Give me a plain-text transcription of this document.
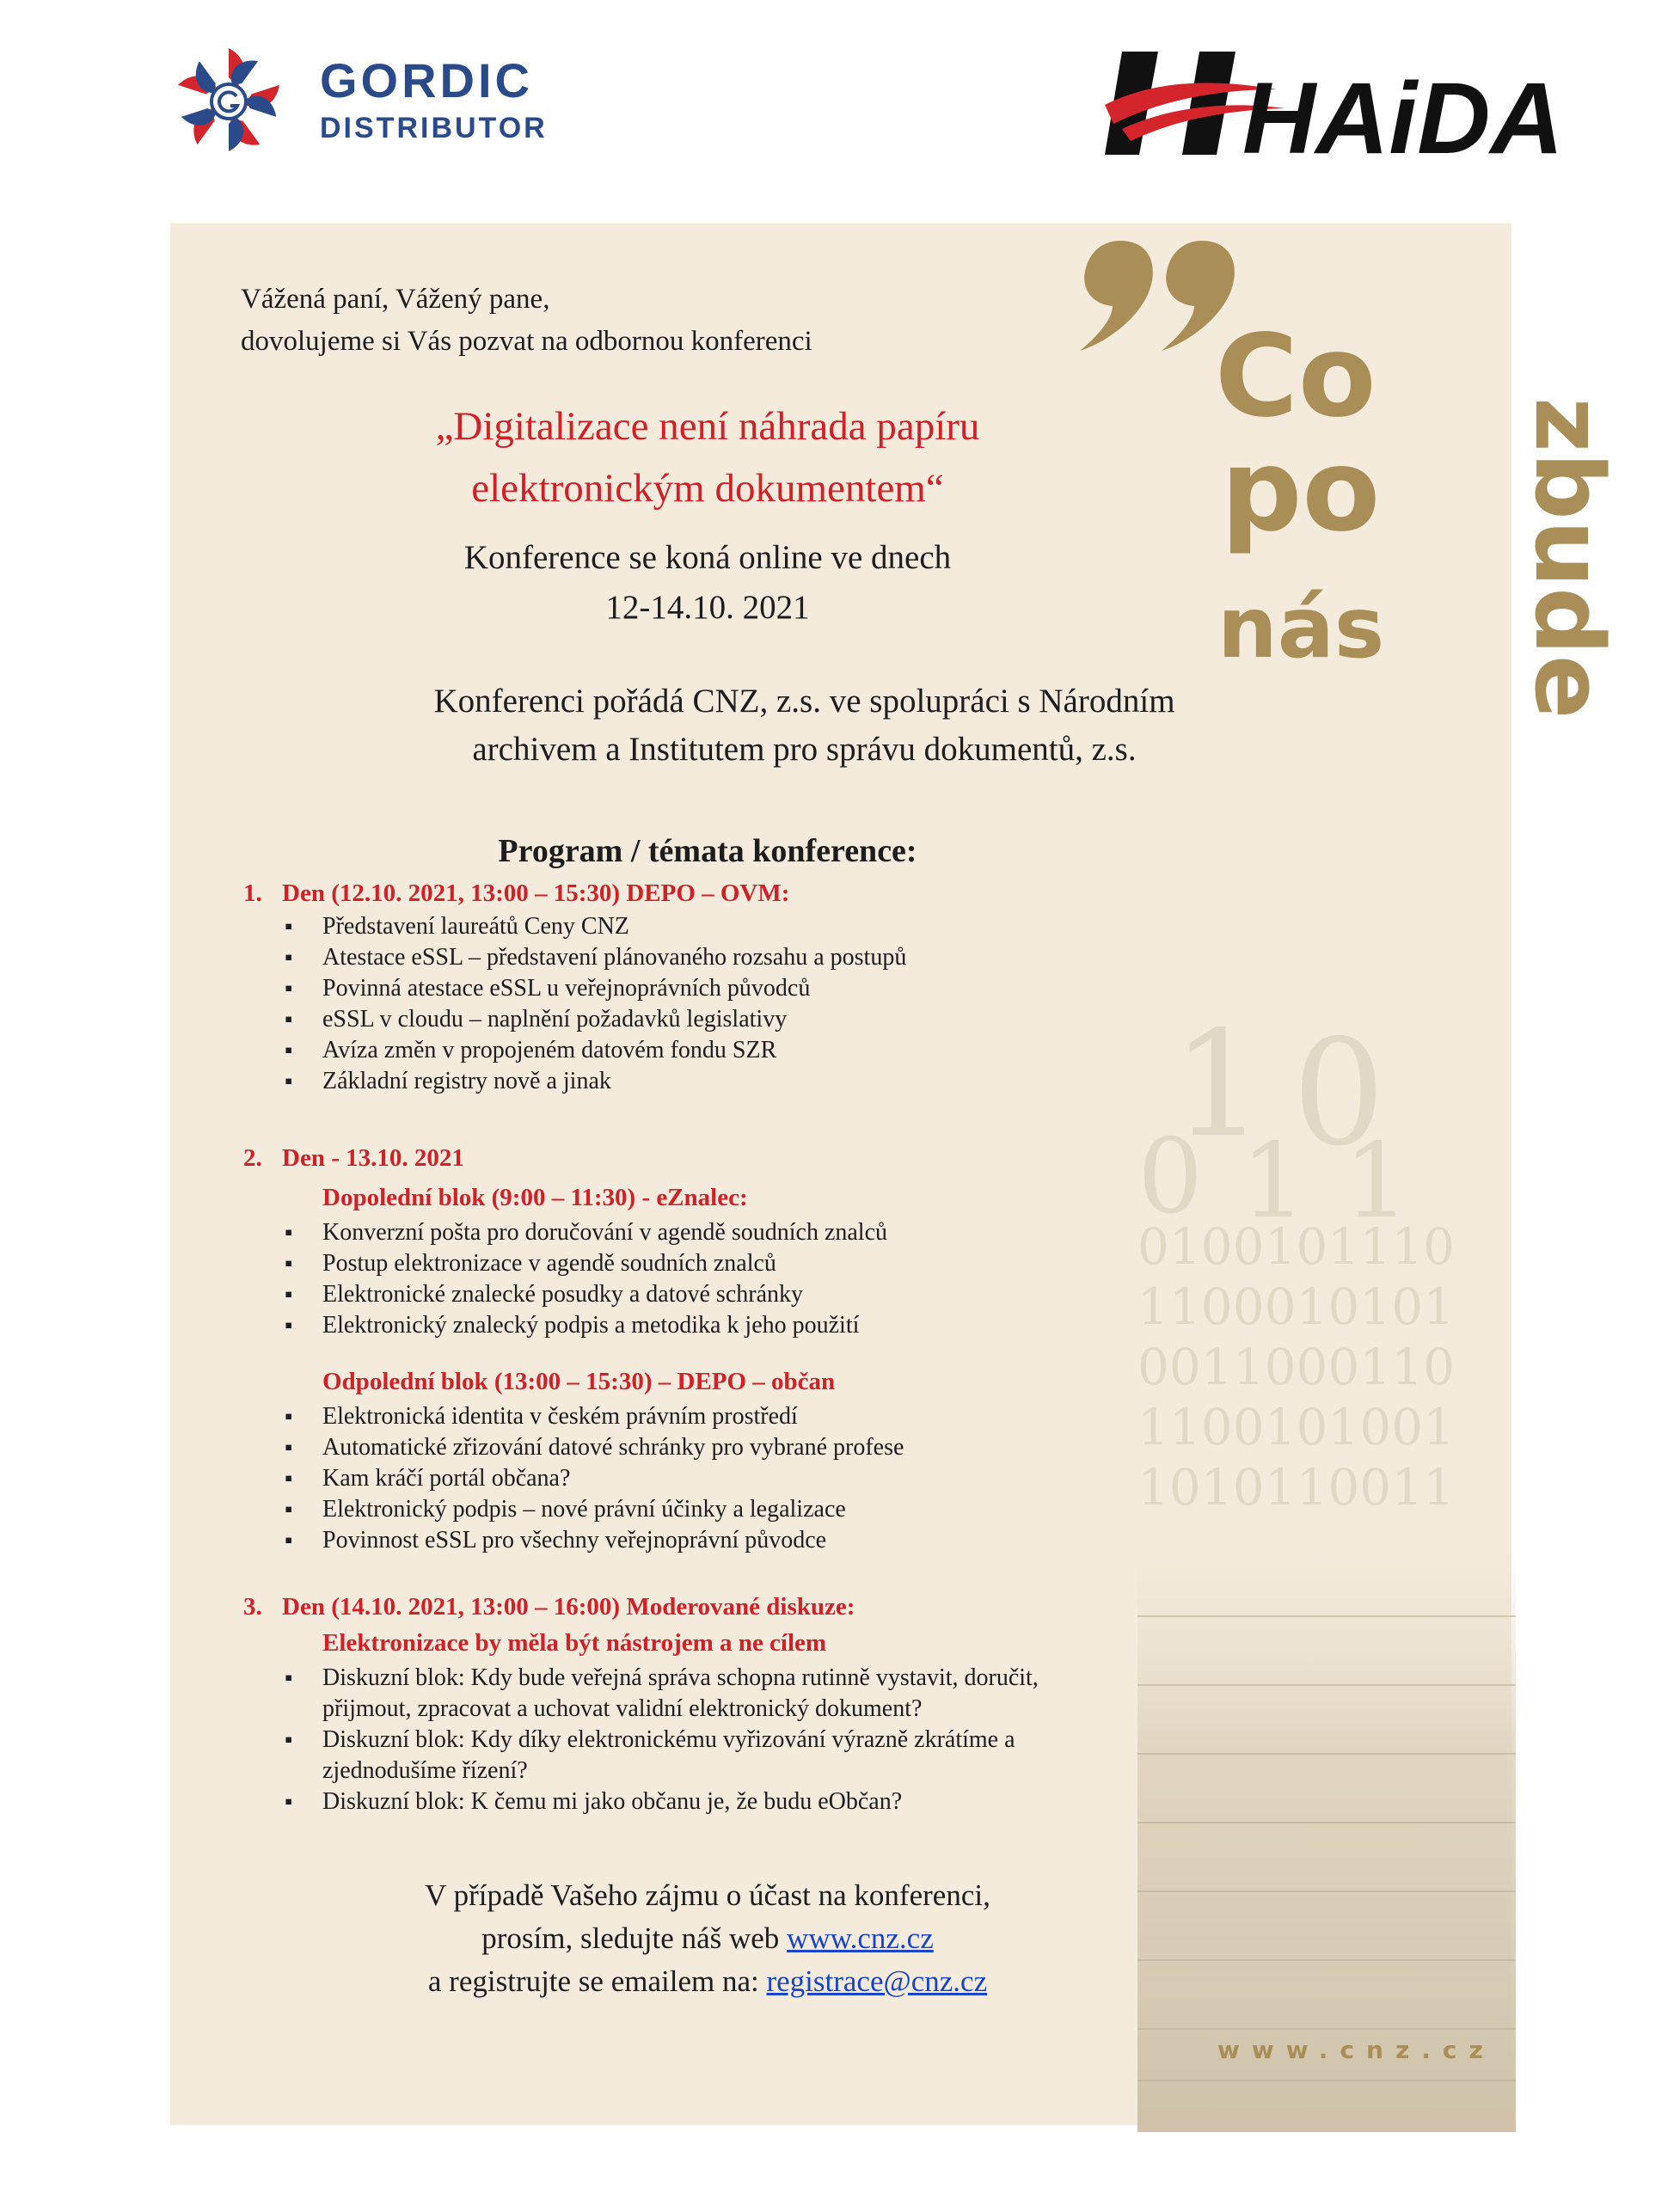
GORDIC
DISTRIBUTOR	HAiDA
1 0
0 1 1
0100101110
1100010101
0011000110
1100101001
1010110011
Co
po
nás	zbude
Vážená paní, Vážený pane,
dovolujeme si Vás pozvat na odbornou konferenci
„Digitalizace není náhrada papíru
elektronickým dokumentem“
Konference se koná online ve dnech
12-14.10. 2021
Konferenci pořádá CNZ, z.s. ve spolupráci s Národním
archivem a Institutem pro správu dokumentů, z.s.
Program / témata konference:
1. Den (12.10. 2021, 13:00 – 15:30) DEPO – OVM:
▪ Představení laureátů Ceny CNZ
▪ Atestace eSSL – představení plánovaného rozsahu a postupů
▪ Povinná atestace eSSL u veřejnoprávních původců
▪ eSSL v cloudu – naplnění požadavků legislativy
▪ Avíza změn v propojeném datovém fondu SZR
▪ Základní registry nově a jinak
2. Den - 13.10. 2021
Dopolední blok (9:00 – 11:30) - eZnalec:
▪ Konverzní pošta pro doručování v agendě soudních znalců
▪ Postup elektronizace v agendě soudních znalců
▪ Elektronické znalecké posudky a datové schránky
▪ Elektronický znalecký podpis a metodika k jeho použití
Odpolední blok (13:00 – 15:30) – DEPO – občan
▪ Elektronická identita v českém právním prostředí
▪ Automatické zřizování datové schránky pro vybrané profese
▪ Kam kráčí portál občana?
▪ Elektronický podpis – nové právní účinky a legalizace
▪ Povinnost eSSL pro všechny veřejnoprávní původce
3. Den (14.10. 2021, 13:00 – 16:00) Moderované diskuze:
Elektronizace by měla být nástrojem a ne cílem
▪ Diskuzní blok: Kdy bude veřejná správa schopna rutinně vystavit, doručit, přijmout, zpracovat a uchovat validní elektronický dokument?
▪ Diskuzní blok: Kdy díky elektronickému vyřizování výrazně zkrátíme a zjednodušíme řízení?
▪ Diskuzní blok: K čemu mi jako občanu je, že budu eObčan?
V případě Vašeho zájmu o účast na konferenci,
prosím, sledujte náš web www.cnz.cz
a registrujte se emailem na: registrace@cnz.cz
www.cnz.cz
